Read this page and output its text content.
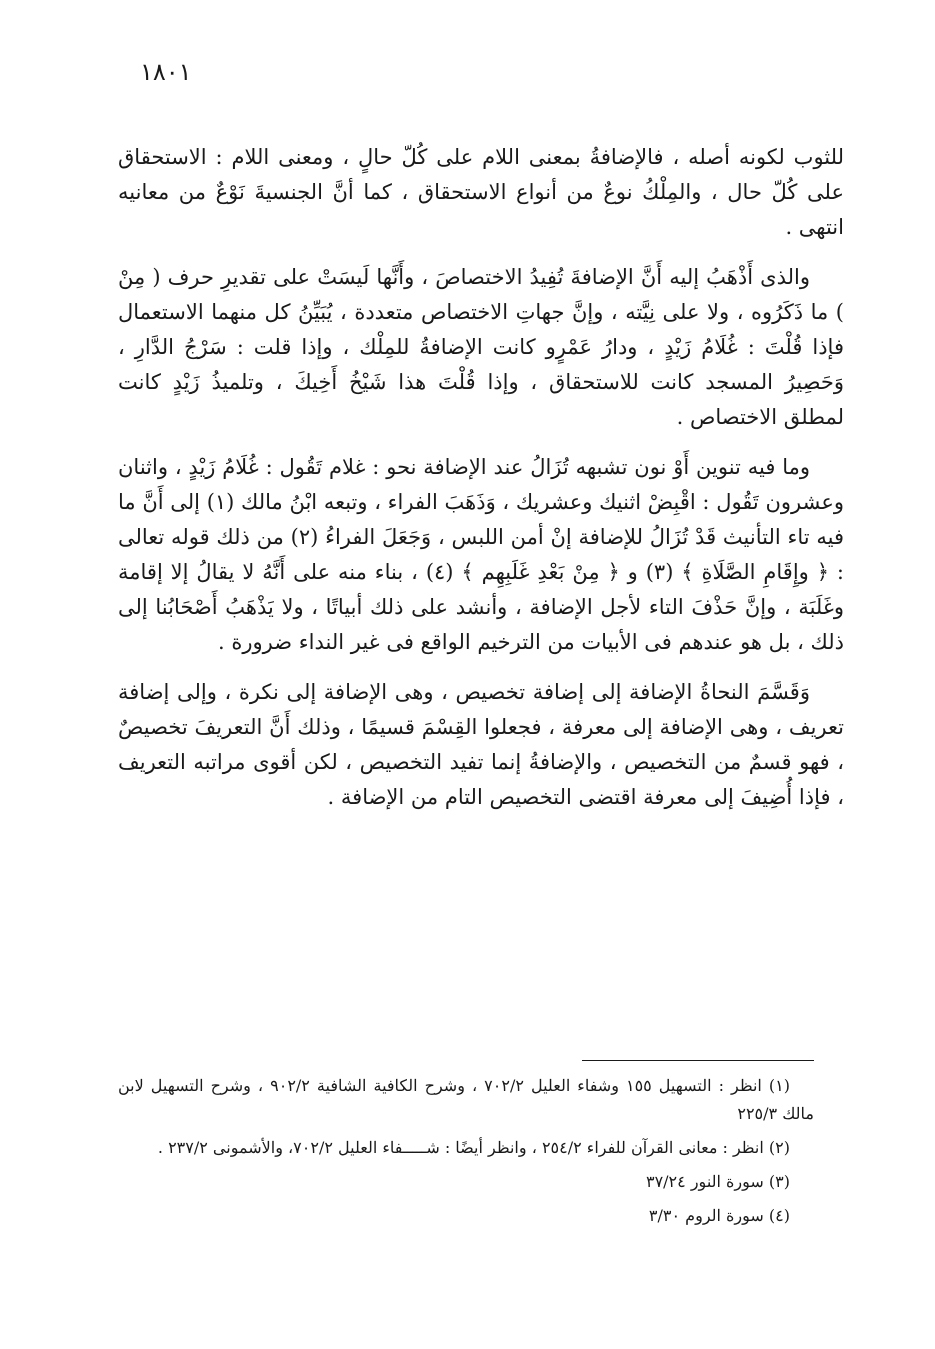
١٨٠١

للثوب لكونه أصله ، فالإضافةُ بمعنى اللام على كُلّ حالٍ ، ومعنى اللام : الاستحقاق على كُلّ حال ، والمِلْكُ نوعٌ من أنواع الاستحقاق ، كما أنَّ الجنسيةَ نَوْعٌ من معانيه انتهى .

والذى أَذْهَبُ إليه أَنَّ الإضافةَ تُفِيدُ الاختصاصَ ، وأَنَّها لَيسَتْ على تقديرِ حرف ( مِنْ ) ما ذَكَرُوه ، ولا على نِيَّته ، وإنَّ جهاتِ الاختصاص متعددة ، يُبَيِّنُ كل منهما الاستعمال فإذا قُلْتَ : غُلَامُ زَيْدٍ ، ودارُ عَمْرٍو كانت الإضافةُ للمِلْك ، وإذا قلت : سَرْجُ الدَّارِ ، وَحَصِيرُ المسجد كانت للاستحقاق ، وإذا قُلْتَ هذا شَيْخُ أَخِيكَ ، وتلميذُ زَيْدٍ كانت لمطلق الاختصاص .

وما فيه تنوين أَوْ نون تشبهه تُزَالُ عند الإضافة نحو : غلام تَقُول : غُلَامُ زَيْدٍ ، واثنان وعشرون تَقُول : اقْبِضْ اثنيك وعشريك ، وَذَهَبَ الفراء ، وتبعه ابْنُ مالك (١) إلى أَنَّ ما فيه تاء التأنيث قَدْ تُزَالُ للإضافة إنْ أمن اللبس ، وَجَعَلَ الفراءُ (٢) من ذلك قوله تعالى : ﴿ وإِقَامِ الصَّلَاةِ ﴾ (٣) و ﴿ مِنْ بَعْدِ غَلَبِهِم ﴾ (٤) ، بناء منه على أَنَّهُ لا يقالُ إلا إقامة وغَلَبَة ، وإنَّ حَذْفَ التاء لأجل الإضافة ، وأنشد على ذلك أبياتًا ، ولا يَذْهَبُ أَصْحَابُنا إلى ذلك ، بل هو عندهم فى الأبيات من الترخيم الواقع فى غير النداء ضرورة .

وَقَسَّمَ النحاةُ الإضافة إلى إضافة تخصيص ، وهى الإضافة إلى نكرة ، وإلى إضافة تعريف ، وهى الإضافة إلى معرفة ، فجعلوا القِسْمَ قسيمًا ، وذلك أَنَّ التعريفَ تخصيصٌ ، فهو قسمٌ من التخصيص ، والإضافةُ إنما تفيد التخصيص ، لكن أقوى مراتبه التعريف ، فإذا أُضِيفَ إلى معرفة اقتضى التخصيص التام من الإضافة .

(١) انظر : التسهيل ١٥٥ وشفاء العليل ٧٠٢/٢ ، وشرح الكافية الشافية ٩٠٢/٢ ، وشرح التسهيل لابن مالك ٢٢٥/٣

(٢) انظر : معانى القرآن للفراء ٢٥٤/٢ ، وانظر أيضًا : شـــــفاء العليل ٧٠٢/٢، والأشمونى ٢٣٧/٢ .

(٣) سورة النور ٣٧/٢٤

(٤) سورة الروم ٣/٣٠
